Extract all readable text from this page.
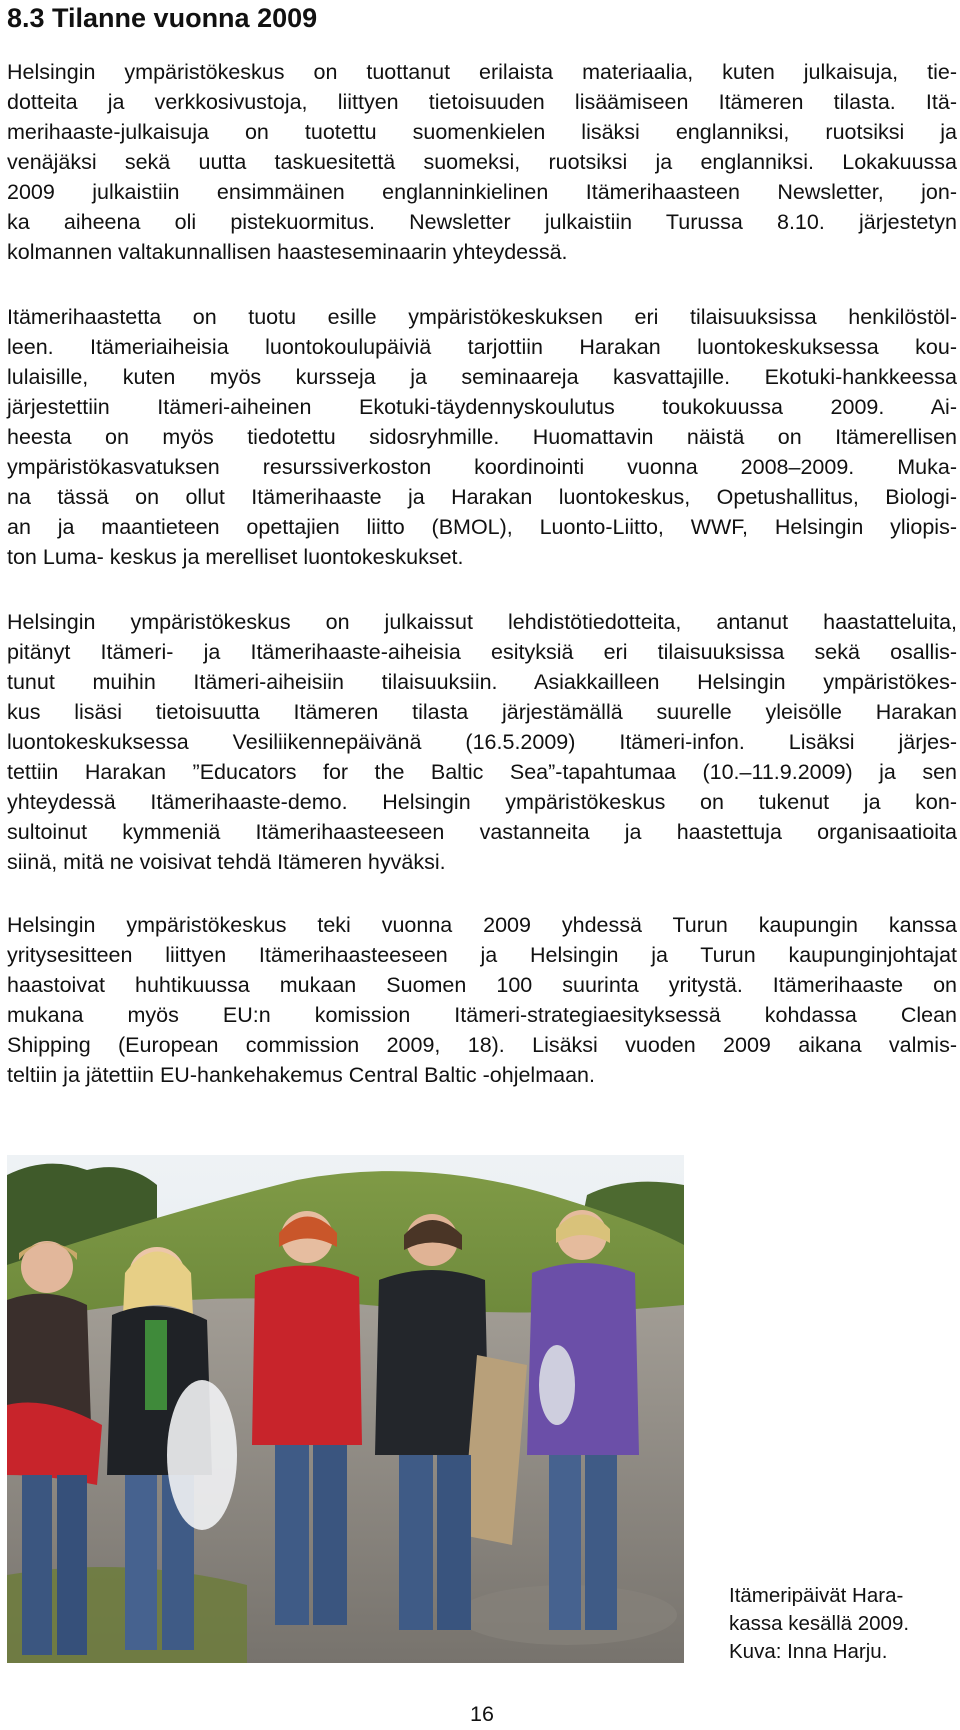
8.3 Tilanne vuonna 2009
Helsingin ympäristökeskus on tuottanut erilaista materiaalia, kuten julkaisuja, tie-
dotteita ja verkkosivustoja, liittyen tietoisuuden lisäämiseen Itämeren tilasta. Itä-
merihaaste-julkaisuja on tuotettu suomenkielen lisäksi englanniksi, ruotsiksi ja
venäjäksi sekä uutta taskuesitettä suomeksi, ruotsiksi ja englanniksi. Lokakuussa
2009 julkaistiin ensimmäinen englanninkielinen Itämerihaasteen Newsletter, jon-
ka aiheena oli pistekuormitus. Newsletter julkaistiin Turussa 8.10. järjestetyn
kolmannen valtakunnallisen haasteseminaarin yhteydessä.
Itämerihaastetta on tuotu esille ympäristökeskuksen eri tilaisuuksissa henkilöstöl-
leen. Itämeriaiheisia luontokoulupäiviä tarjottiin Harakan luontokeskuksessa kou-
lulaisille, kuten myös kursseja ja seminaareja kasvattajille. Ekotuki-hankkeessa
järjestettiin Itämeri-aiheinen Ekotuki-täydennyskoulutus toukokuussa 2009. Ai-
heesta on myös tiedotettu sidosryhmille. Huomattavin näistä on Itämerellisen
ympäristökasvatuksen resurssiverkoston koordinointi vuonna 2008–2009. Muka-
na tässä on ollut Itämerihaaste ja Harakan luontokeskus, Opetushallitus, Biologi-
an ja maantieteen opettajien liitto (BMOL), Luonto-Liitto, WWF, Helsingin yliopis-
ton Luma- keskus ja merelliset luontokeskukset.
Helsingin ympäristökeskus on julkaissut lehdistötiedotteita, antanut haastatteluita,
pitänyt Itämeri- ja Itämerihaaste-aiheisia esityksiä eri tilaisuuksissa sekä osallis-
tunut muihin Itämeri-aiheisiin tilaisuuksiin. Asiakkailleen Helsingin ympäristökes-
kus lisäsi tietoisuutta Itämeren tilasta järjestämällä suurelle yleisölle Harakan
luontokeskuksessa Vesiliikennepäivänä (16.5.2009) Itämeri-infon. Lisäksi järjes-
tettiin Harakan ”Educators for the Baltic Sea”-tapahtumaa (10.–11.9.2009) ja sen
yhteydessä Itämerihaaste-demo. Helsingin ympäristökeskus on tukenut ja kon-
sultoinut kymmeniä Itämerihaasteeseen vastanneita ja haastettuja organisaatioita
siinä, mitä ne voisivat tehdä Itämeren hyväksi.
Helsingin ympäristökeskus teki vuonna 2009 yhdessä Turun kaupungin kanssa
yritysesitteen liittyen Itämerihaasteeseen ja Helsingin ja Turun kaupunginjohtajat
haastoivat huhtikuussa mukaan Suomen 100 suurinta yritystä. Itämerihaaste on
mukana myös EU:n komission Itämeri-strategiaesityksessä kohdassa Clean
Shipping (European commission 2009, 18). Lisäksi vuoden 2009 aikana valmis-
teltiin ja jätettiin EU-hankehakemus Central Baltic -ohjelmaan.
Itämeripäivät Hara-
kassa kesällä 2009.
Kuva: Inna Harju.
16
